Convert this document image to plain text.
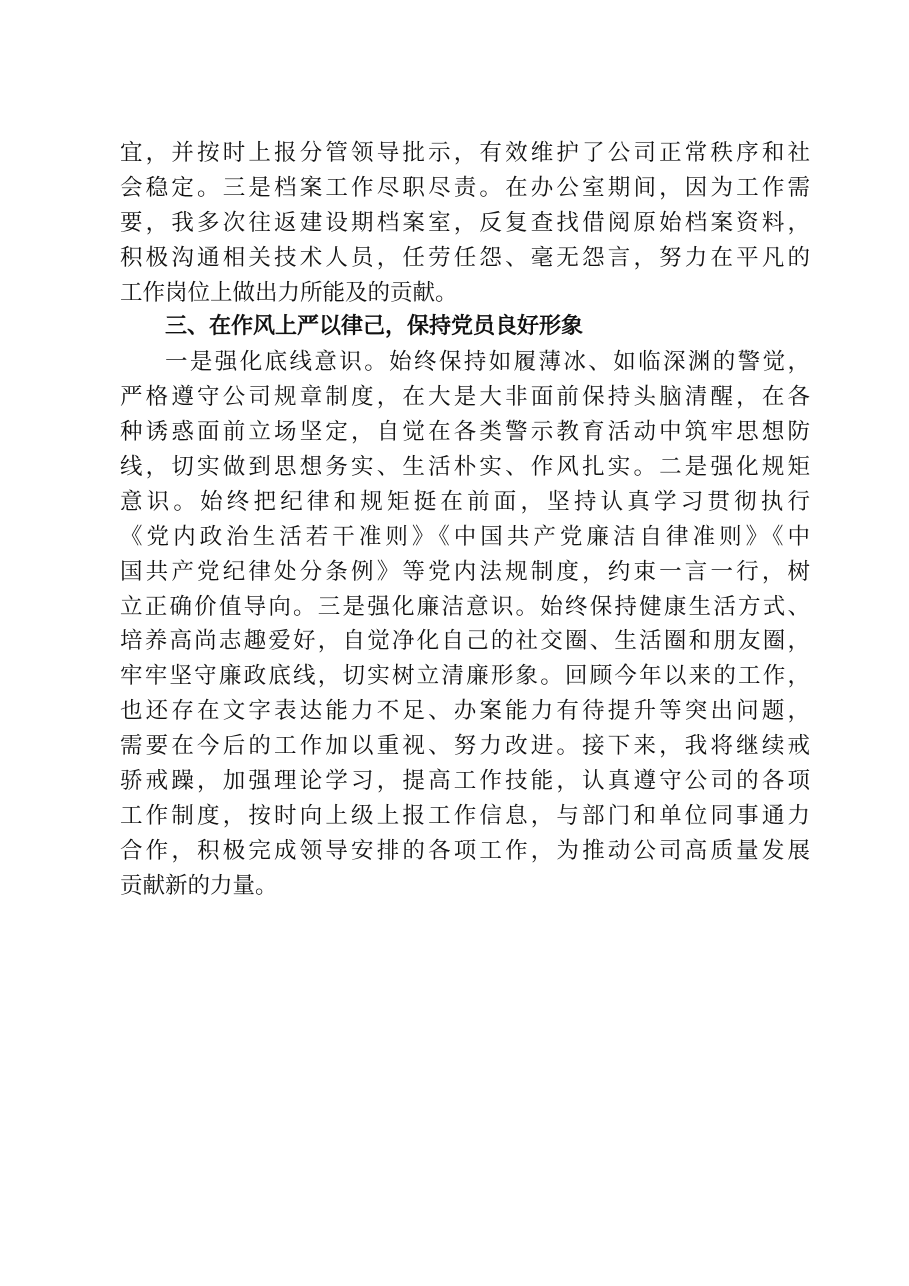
宜，并按时上报分管领导批示，有效维护了公司正常秩序和社
会稳定。三是档案工作尽职尽责。在办公室期间，因为工作需
要，我多次往返建设期档案室，反复查找借阅原始档案资料，
积极沟通相关技术人员，任劳任怨、毫无怨言，努力在平凡的
工作岗位上做出力所能及的贡献。
三、在作风上严以律己，保持党员良好形象
一是强化底线意识。始终保持如履薄冰、如临深渊的警觉，
严格遵守公司规章制度，在大是大非面前保持头脑清醒，在各
种诱惑面前立场坚定，自觉在各类警示教育活动中筑牢思想防
线，切实做到思想务实、生活朴实、作风扎实。二是强化规矩
意识。始终把纪律和规矩挺在前面，坚持认真学习贯彻执行
《党内政治生活若干准则》《中国共产党廉洁自律准则》《中
国共产党纪律处分条例》等党内法规制度，约束一言一行，树
立正确价值导向。三是强化廉洁意识。始终保持健康生活方式、
培养高尚志趣爱好，自觉净化自己的社交圈、生活圈和朋友圈，
牢牢坚守廉政底线，切实树立清廉形象。回顾今年以来的工作，
也还存在文字表达能力不足、办案能力有待提升等突出问题，
需要在今后的工作加以重视、努力改进。接下来，我将继续戒
骄戒躁，加强理论学习，提高工作技能，认真遵守公司的各项
工作制度，按时向上级上报工作信息，与部门和单位同事通力
合作，积极完成领导安排的各项工作，为推动公司高质量发展
贡献新的力量。
